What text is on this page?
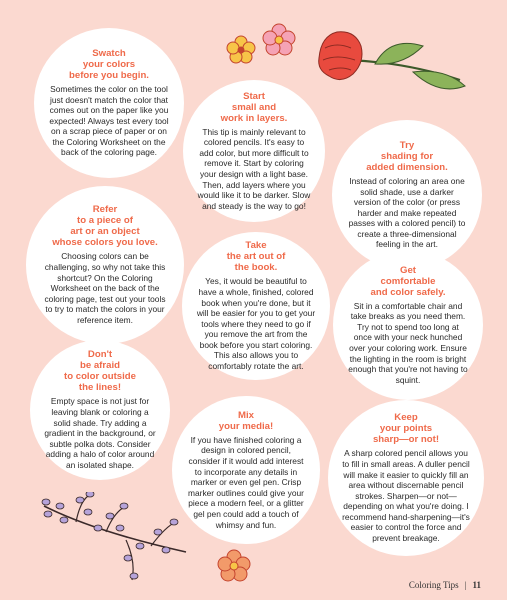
Swatch
your colors
before you begin.

Sometimes the color on the tool just doesn't match the color that comes out on the paper like you expected! Always test every tool on a scrap piece of paper or on the Coloring Worksheet on the back of the coloring page.

Start
small and
work in layers.

This tip is mainly relevant to colored pencils. It's easy to add color, but more difficult to remove it. Start by coloring your design with a light base. Then, add layers where you would like it to be darker. Slow and steady is the way to go!

Try
shading for
added dimension.

Instead of coloring an area one solid shade, use a darker version of the color (or press harder and make repeated passes with a colored pencil) to create a three-dimensional feeling in the art.

Refer
to a piece of
art or an object
whose colors you love.

Choosing colors can be challenging, so why not take this shortcut? On the Coloring Worksheet on the back of the coloring page, test out your tools to try to match the colors in your reference item.

Take
the art out of
the book.

Yes, it would be beautiful to have a whole, finished, colored book when you're done, but it will be easier for you to get your tools where they need to go if you remove the art from the book before you start coloring. This also allows you to comfortably rotate the art.

Get
comfortable
and color safely.

Sit in a comfortable chair and take breaks as you need them. Try not to spend too long at once with your neck hunched over your coloring work. Ensure the lighting in the room is bright enough that you're not having to squint.

Don't
be afraid
to color outside
the lines!

Empty space is not just for leaving blank or coloring a solid shade. Try adding a gradient in the background, or subtle polka dots. Consider adding a halo of color around an isolated shape.

Mix
your media!

If you have finished coloring a design in colored pencil, consider if it would add interest to incorporate any details in marker or even gel pen. Crisp marker outlines could give your piece a modern feel, or a glitter gel pen could add a touch of whimsy and fun.

Keep
your points
sharp—or not!

A sharp colored pencil allows you to fill in small areas. A duller pencil will make it easier to quickly fill an area without discernable pencil strokes. Sharpen—or not—depending on what you're doing. I recommend hand-sharpening—it's easier to control the force and prevent breakage.

Coloring Tips | 11
